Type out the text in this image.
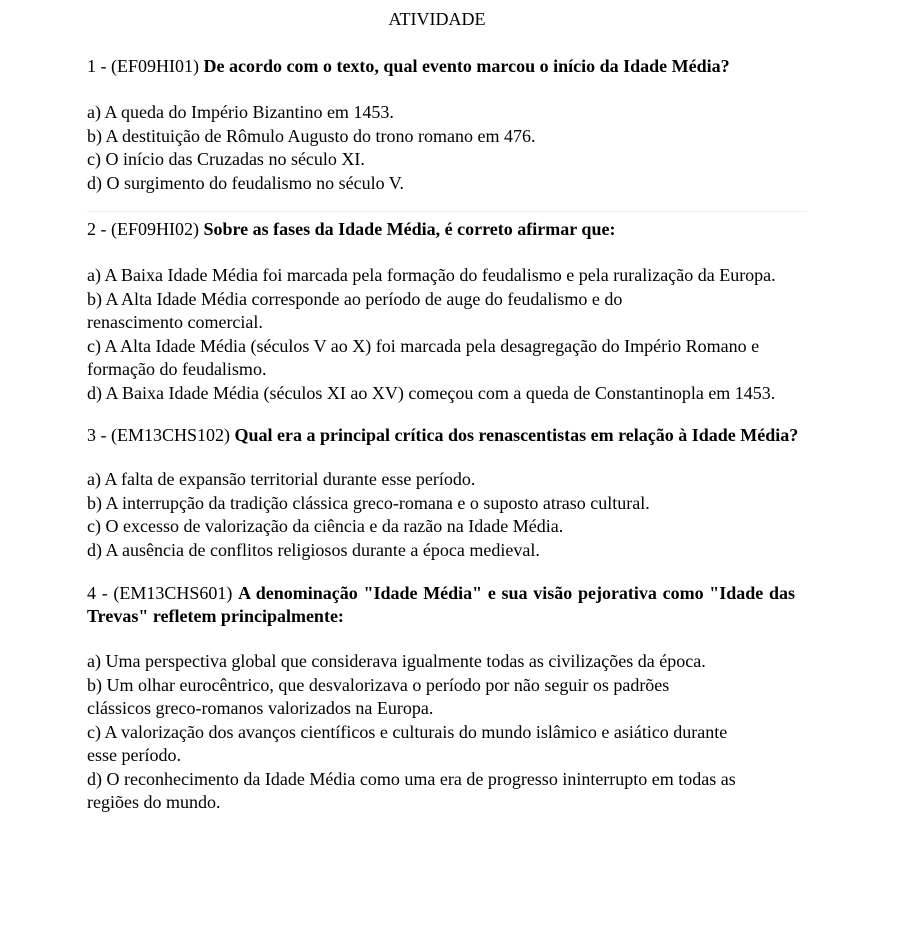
ATIVIDADE

1 - (EF09HI01) De acordo com o texto, qual evento marcou o início da Idade Média?

a) A queda do Império Bizantino em 1453.

b) A destituição de Rômulo Augusto do trono romano em 476.

c) O início das Cruzadas no século XI.

d) O surgimento do feudalismo no século V.

2 - (EF09HI02) Sobre as fases da Idade Média, é correto afirmar que:

a) A Baixa Idade Média foi marcada pela formação do feudalismo e pela ruralização da Europa.

b) A Alta Idade Média corresponde ao período de auge do feudalismo e do renascimento comercial.

c) A Alta Idade Média (séculos V ao X) foi marcada pela desagregação do Império Romano e formação do feudalismo.

d) A Baixa Idade Média (séculos XI ao XV) começou com a queda de Constantinopla em 1453.

3 - (EM13CHS102) Qual era a principal crítica dos renascentistas em relação à Idade Média?

a) A falta de expansão territorial durante esse período.

b) A interrupção da tradição clássica greco-romana e o suposto atraso cultural.

c) O excesso de valorização da ciência e da razão na Idade Média.

d) A ausência de conflitos religiosos durante a época medieval.

4 - (EM13CHS601) A denominação "Idade Média" e sua visão pejorativa como "Idade das Trevas" refletem principalmente:

a) Uma perspectiva global que considerava igualmente todas as civilizações da época.

b) Um olhar eurocêntrico, que desvalorizava o período por não seguir os padrões clássicos greco-romanos valorizados na Europa.

c) A valorização dos avanços científicos e culturais do mundo islâmico e asiático durante esse período.

d) O reconhecimento da Idade Média como uma era de progresso ininterrupto em todas as regiões do mundo.
